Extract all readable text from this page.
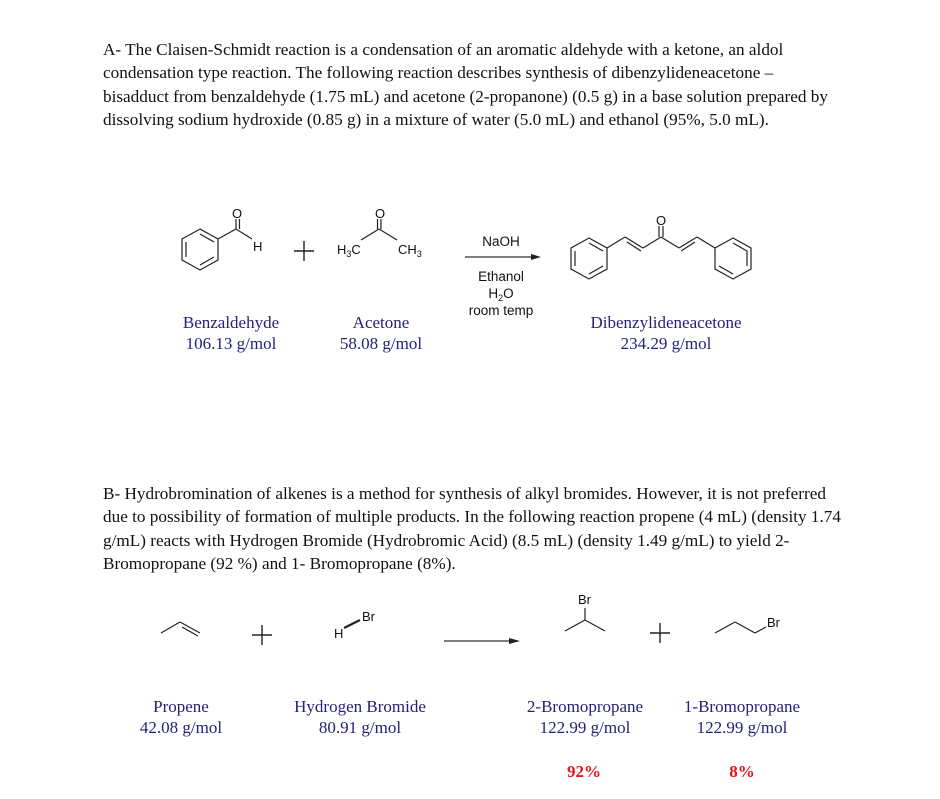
A- The Claisen-Schmidt reaction is a condensation of an aromatic aldehyde with a ketone, an aldol condensation type reaction. The following reaction describes synthesis of dibenzylideneacetone – bisadduct from benzaldehyde (1.75 mL) and acetone (2-propanone) (0.5 g) in a base solution prepared by dissolving sodium hydroxide (0.85 g) in a mixture of water (5.0 mL) and ethanol (95%, 5.0 mL).
O
H
O
$H_3C$	$CH_3$
NaOH
Ethanol
$H_2O$
room temp
O
Benzaldehyde
106.13 g/mol
Acetone
58.08 g/mol
Dibenzylideneacetone
234.29 g/mol
B- Hydrobromination of alkenes is a method for synthesis of alkyl bromides. However, it is not preferred due to possibility of formation of multiple products. In the following reaction propene (4 mL) (density 1.74 g/mL) reacts with Hydrogen Bromide (Hydrobromic Acid) (8.5 mL) (density 1.49 g/mL) to yield 2- Bromopropane (92 %) and 1- Bromopropane (8%).
H
Br
Br
Br
Propene
42.08 g/mol
Hydrogen Bromide
80.91 g/mol
2-Bromopropane
122.99 g/mol
1-Bromopropane
122.99 g/mol
92%	8%
